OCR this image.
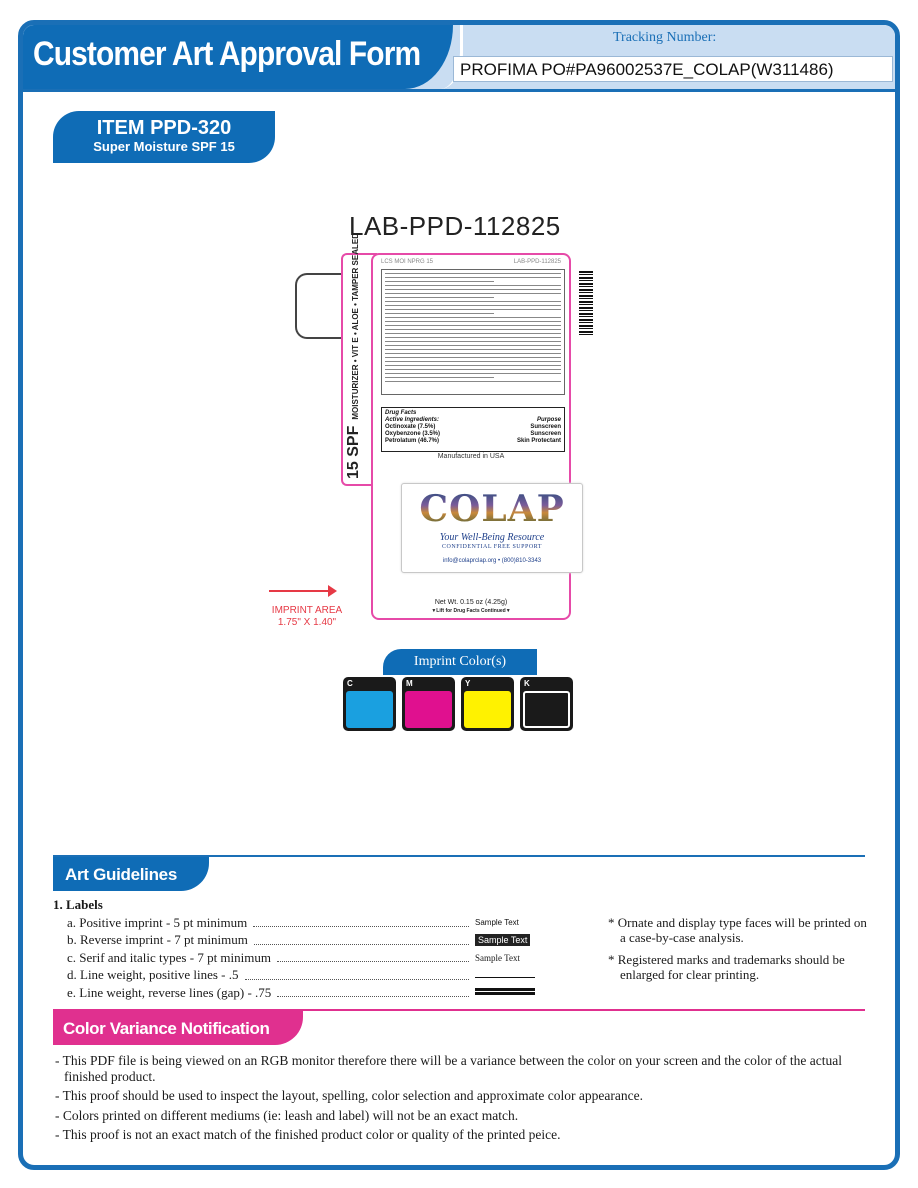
Customer Art Approval Form	Tracking Number:
PROFIMA PO#PA96002537E_COLAP(W311486)
ITEM PPD-320
Super Moisture SPF 15
LAB-PPD-112825
15 SPFMOISTURIZER • VIT E • ALOE • TAMPER SEALED	LCS MOI NPRG 15	LAB-PPD-112825
Drug Facts
Active Ingredients:	Purpose
Octinoxate (7.5%)	Sunscreen
Oxybenzone (3.5%)	Sunscreen
Petrolatum (46.7%)	Skin Protectant
Manufactured in USA
COLAP
Your Well-Being Resource
CONFIDENTIAL FREE SUPPORT
info@colaprclap.org • (800)810-3343
Net Wt. 0.15 oz (4.25g)
▼Lift for Drug Facts Continued▼
IMPRINT AREA
1.75" X 1.40"
Imprint Color(s)
C	M	Y	K
Art Guidelines
1. Labels
a. Positive imprint - 5 pt minimum	Sample Text
b. Reverse imprint - 7 pt minimum	Sample Text
c. Serif and italic types - 7 pt minimum	Sample Text
d. Line weight, positive lines - .5
e. Line weight, reverse lines (gap) - .75

* Ornate and display type faces will be printed on a case-by-case analysis.

* Registered marks and trademarks should be enlarged for clear printing.

Color Variance Notification

- This PDF file is being viewed on an RGB monitor therefore there will be a variance between the color on your screen and the color of the actual finished product.

- This proof should be used to inspect the layout, spelling, color selection and approximate color appearance.

- Colors printed on different mediums (ie: leash and label) will not be an exact match.

- This proof is not an exact match of the finished product color or quality of the printed peice.
